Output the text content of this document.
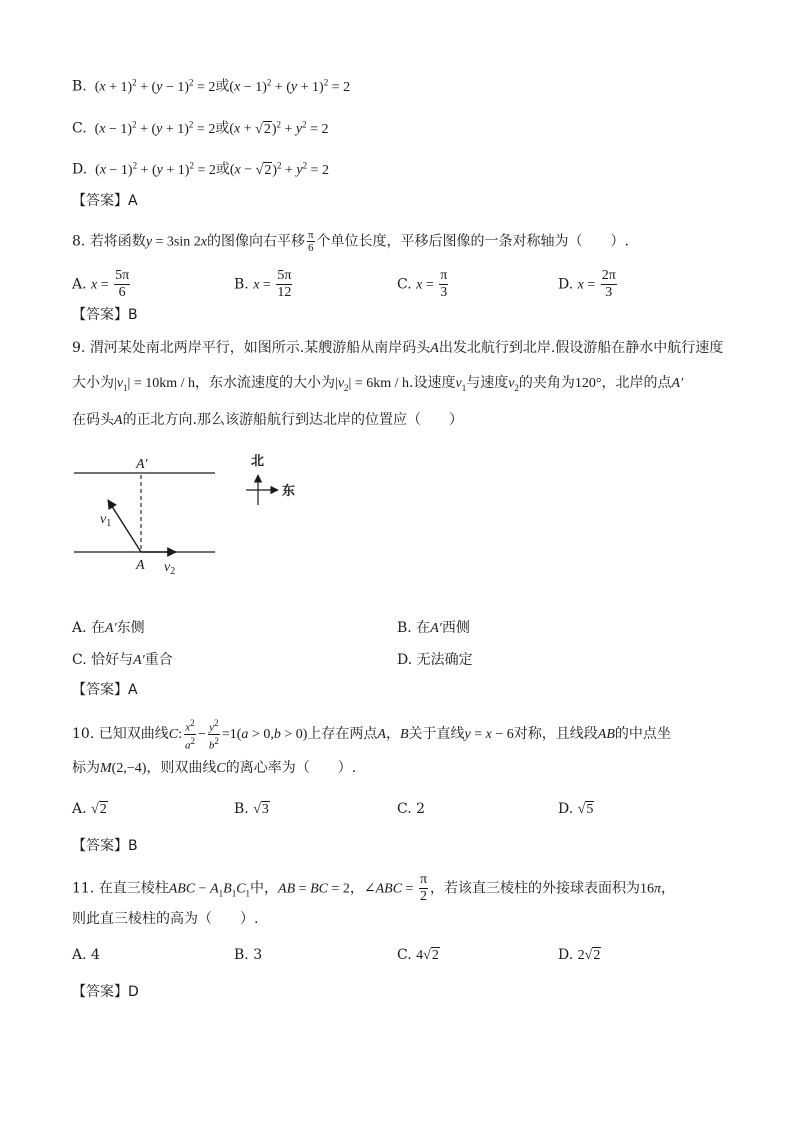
B.  $(x + 1)^2 + (y - 1)^2 = 2$或$(x - 1)^2 + (y + 1)^2 = 2$
C.  $(x - 1)^2 + (y + 1)^2 = 2$或$(x + √2)^2 + y^2 = 2$
D.  $(x - 1)^2 + (y + 1)^2 = 2$或$(x - √2)^2 + y^2 = 2$
【答案】A
8. 若将函数y = 3sin 2x的图像向右平移 $\frac{\pi}{6}$ 个单位长度，平移后图像的一条对称轴为（　　）.
A. $x = \frac{5\pi}{6}$	B. $x = \frac{5\pi}{12}$	C. $x = \frac{\pi}{3}$	D. $x = \frac{2\pi}{3}$
【答案】B
9. 渭河某处南北两岸平行，如图所示.某艘游船从南岸码头A出发北航行到北岸.假设游船在静水中航行速度
大小为$|v_1| = 10km / h$，东水流速度的大小为$|v_2| = 6km / h$.设速度$v_1$与速度$v_2$的夹角为120°，北岸的点A′
在码头A的正北方向.那么该游船航行到达北岸的位置应（　　）
A′
A
$v_1$
$v_2$
北
东
A. 在A′东侧	B. 在A′西侧
C. 恰好与A′重合	D. 无法确定
【答案】A
10. 已知双曲线C: $\frac{x^2}{a^2} - \frac{y^2}{b^2} =1(a > 0,b > 0)$上存在两点A，B关于直线y = x − 6对称，且线段AB的中点坐
标为M(2,−4)，则双曲线C的离心率为（　　）.
A. √2	B. √3	C. 2	D. √5
【答案】B
11. 在直三棱柱ABC − $A_1B_1C_1$中，AB = BC = 2，∠ABC = $\frac{\pi}{2}$ ，若该直三棱柱的外接球表面积为16π，
则此直三棱柱的高为（　　）.
A. 4	B. 3	C. 4√2	D. 2√2
【答案】D
